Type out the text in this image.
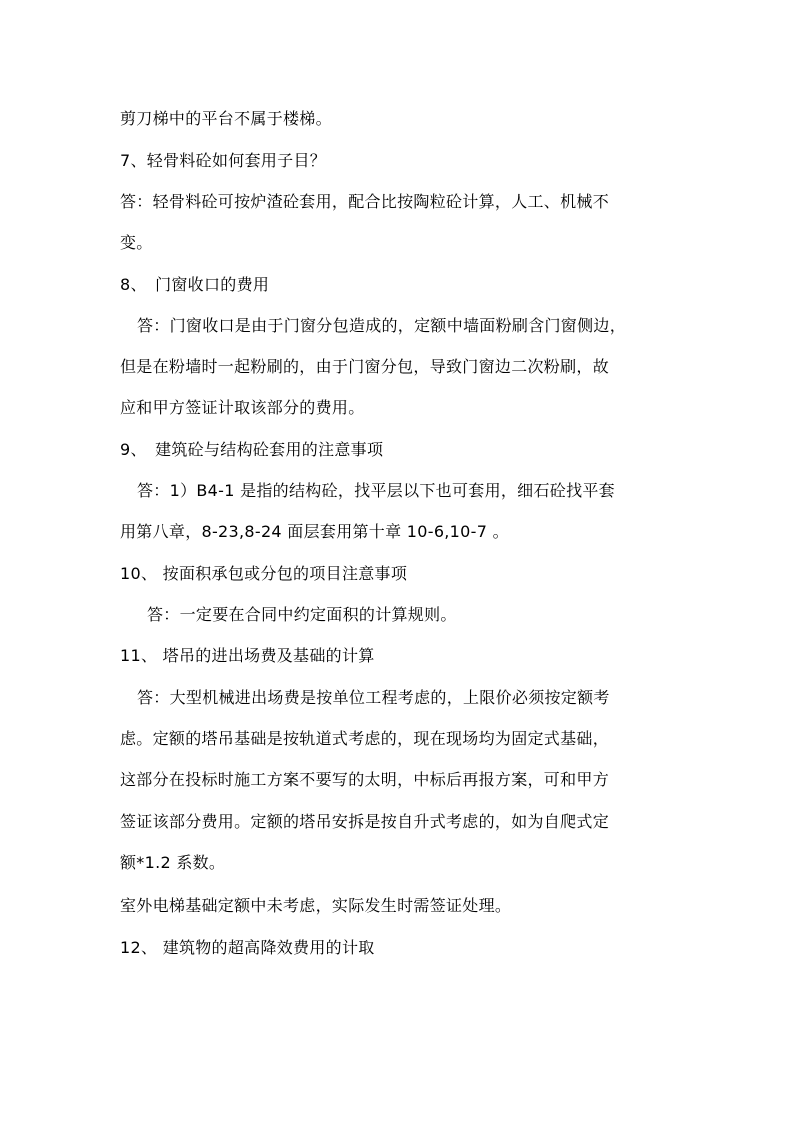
剪刀梯中的平台不属于楼梯。
7、轻骨料砼如何套用子目？
答：轻骨料砼可按炉渣砼套用，配合比按陶粒砼计算，人工、机械不
变。
8、　门窗收口的费用
答：门窗收口是由于门窗分包造成的，定额中墙面粉刷含门窗侧边，
但是在粉墙时一起粉刷的，由于门窗分包，导致门窗边二次粉刷，故
应和甲方签证计取该部分的费用。
9、　建筑砼与结构砼套用的注意事项
答：1）B4-1 是指的结构砼，找平层以下也可套用，细石砼找平套
用第八章，8-23,8-24 面层套用第十章 10-6,10-7 。
10、 按面积承包或分包的项目注意事项
答：一定要在合同中约定面积的计算规则。
11、 塔吊的进出场费及基础的计算
答：大型机械进出场费是按单位工程考虑的，上限价必须按定额考
虑。定额的塔吊基础是按轨道式考虑的，现在现场均为固定式基础，
这部分在投标时施工方案不要写的太明，中标后再报方案，可和甲方
签证该部分费用。定额的塔吊安拆是按自升式考虑的，如为自爬式定
额*1.2 系数。
室外电梯基础定额中未考虑，实际发生时需签证处理。
12、 建筑物的超高降效费用的计取
